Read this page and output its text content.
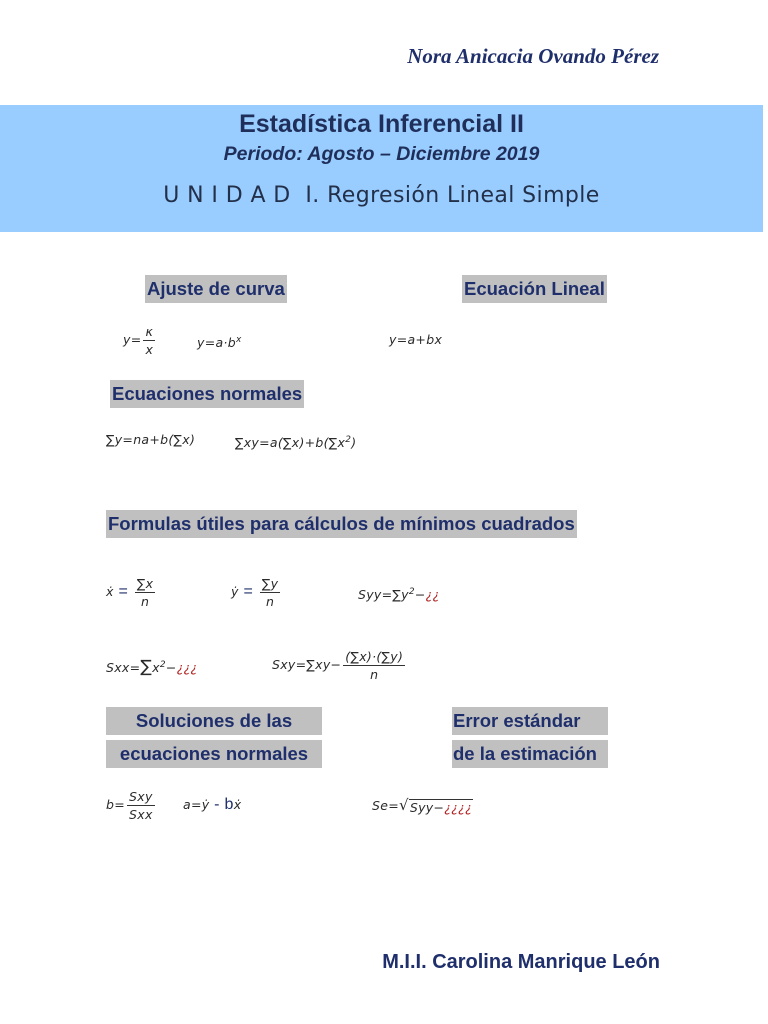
Nora Anicacia Ovando Pérez
Estadística Inferencial II
Periodo: Agosto – Diciembre 2019
U N I D A D  I. Regresión Lineal Simple
Ajuste de curva	Ecuación Lineal
$y= \frac{\kappa}{x}$	$y=a\cdot b^x$	y=a+bx
Ecuaciones normales
∑y=na+b(∑x)	$\sum xy=a(\sum x)+b(\sum x^2)$
Formulas útiles para cálculos de mínimos cuadrados
ẋ = $\frac{\sum x}{n}$	ẏ = $\frac{\sum y}{n}$	$Syy=\sum y^2-¿¿$
$Sxx=\sum x^2-¿¿¿$	$Sxy=\sum xy- \frac{(\sum x)\cdot(\sum y)}{n}$
Soluciones de las
ecuaciones normales
Error estándar
de la estimación
$b= \frac{\text{Sxy}}{\text{Sxx}}$ a=ẏ - bẋ	Se=√Syy−¿¿¿¿
M.I.I. Carolina Manrique León
